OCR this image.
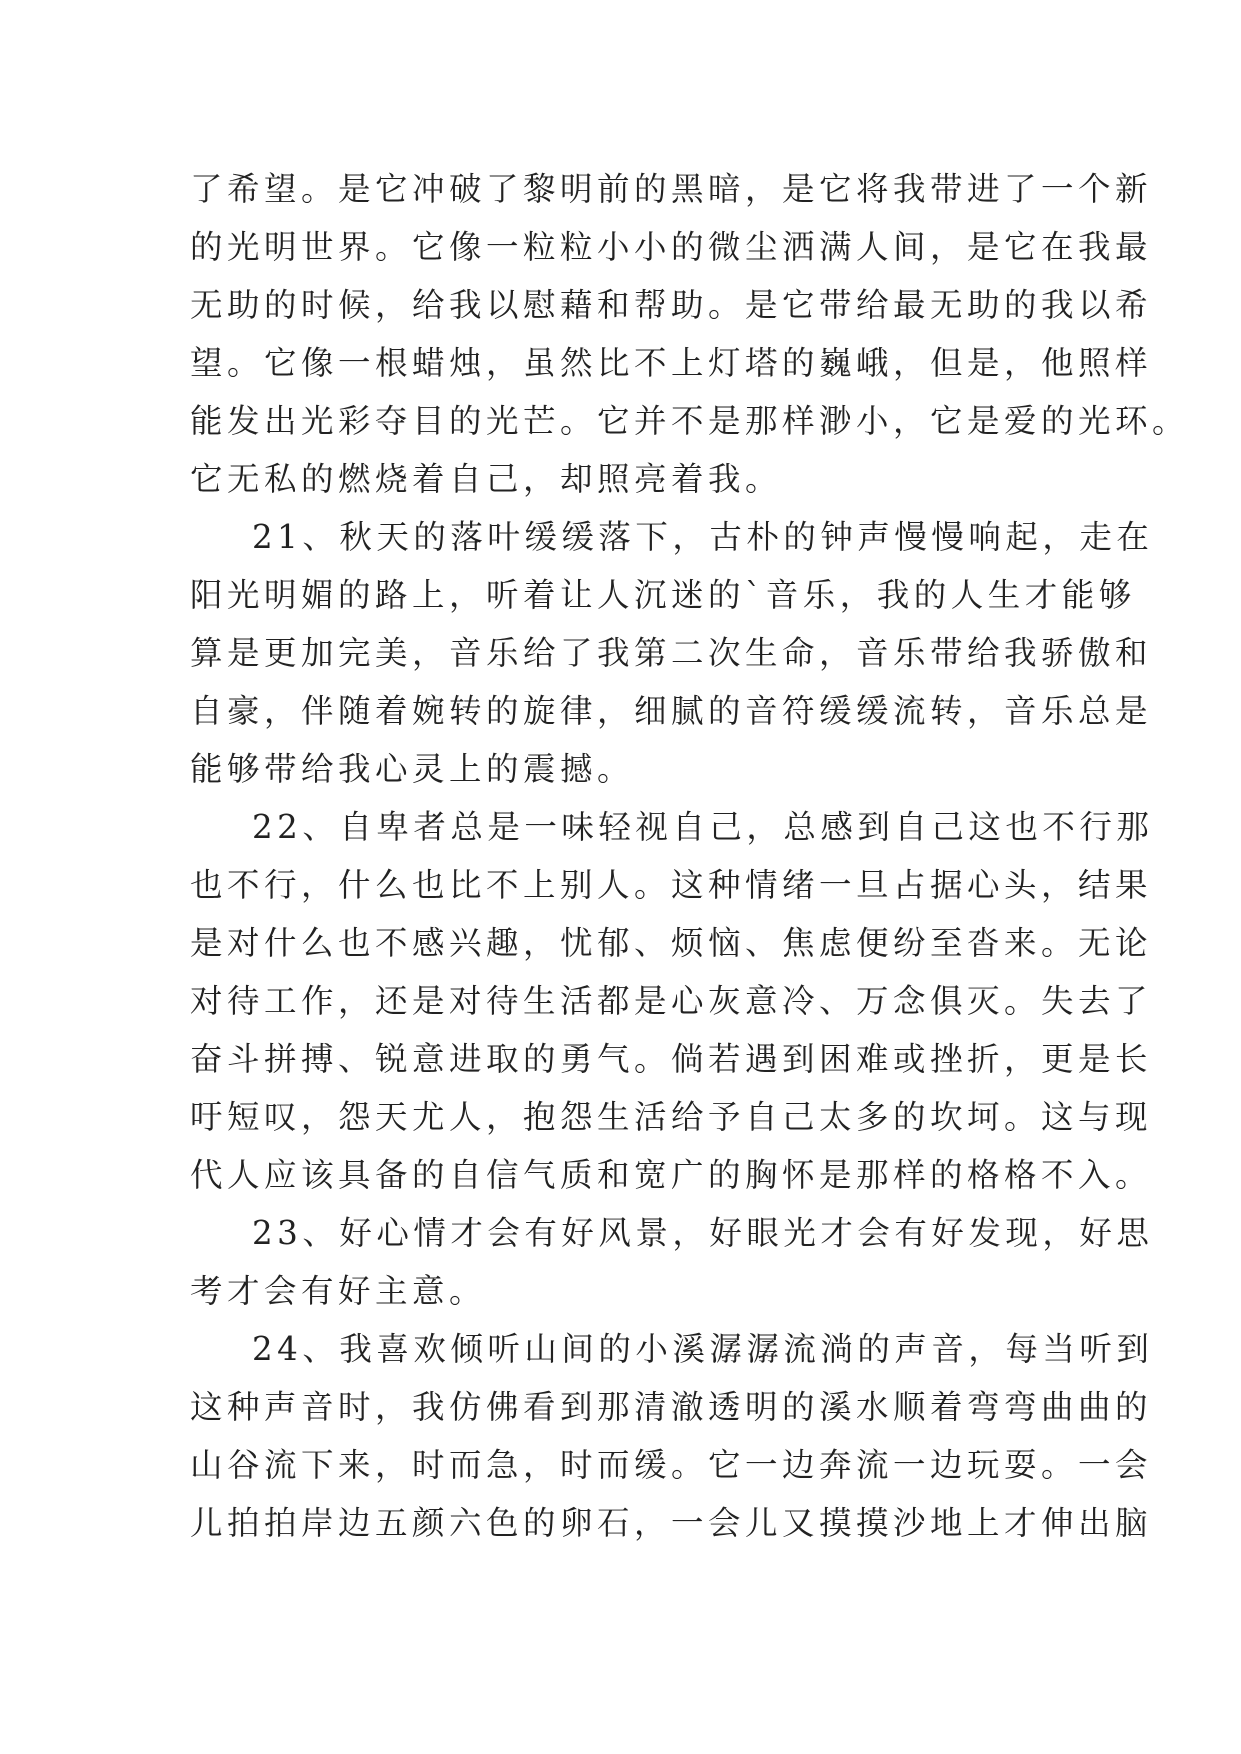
了希望。是它冲破了黎明前的黑暗，是它将我带进了一个新
的光明世界。它像一粒粒小小的微尘洒满人间，是它在我最
无助的时候，给我以慰藉和帮助。是它带给最无助的我以希
望。它像一根蜡烛，虽然比不上灯塔的巍峨，但是，他照样
能发出光彩夺目的光芒。它并不是那样渺小，它是爱的光环。
它无私的燃烧着自己，却照亮着我。

21、秋天的落叶缓缓落下，古朴的钟声慢慢响起，走在
阳光明媚的路上，听着让人沉迷的`音乐，我的人生才能够
算是更加完美，音乐给了我第二次生命，音乐带给我骄傲和
自豪，伴随着婉转的旋律，细腻的音符缓缓流转，音乐总是
能够带给我心灵上的震撼。

22、自卑者总是一味轻视自己，总感到自己这也不行那
也不行，什么也比不上别人。这种情绪一旦占据心头，结果
是对什么也不感兴趣，忧郁、烦恼、焦虑便纷至沓来。无论
对待工作，还是对待生活都是心灰意冷、万念俱灭。失去了
奋斗拼搏、锐意进取的勇气。倘若遇到困难或挫折，更是长
吁短叹，怨天尤人，抱怨生活给予自己太多的坎坷。这与现
代人应该具备的自信气质和宽广的胸怀是那样的格格不入。

23、好心情才会有好风景，好眼光才会有好发现，好思
考才会有好主意。

24、我喜欢倾听山间的小溪潺潺流淌的声音，每当听到
这种声音时，我仿佛看到那清澈透明的溪水顺着弯弯曲曲的
山谷流下来，时而急，时而缓。它一边奔流一边玩耍。一会
儿拍拍岸边五颜六色的卵石，一会儿又摸摸沙地上才伸出脑
